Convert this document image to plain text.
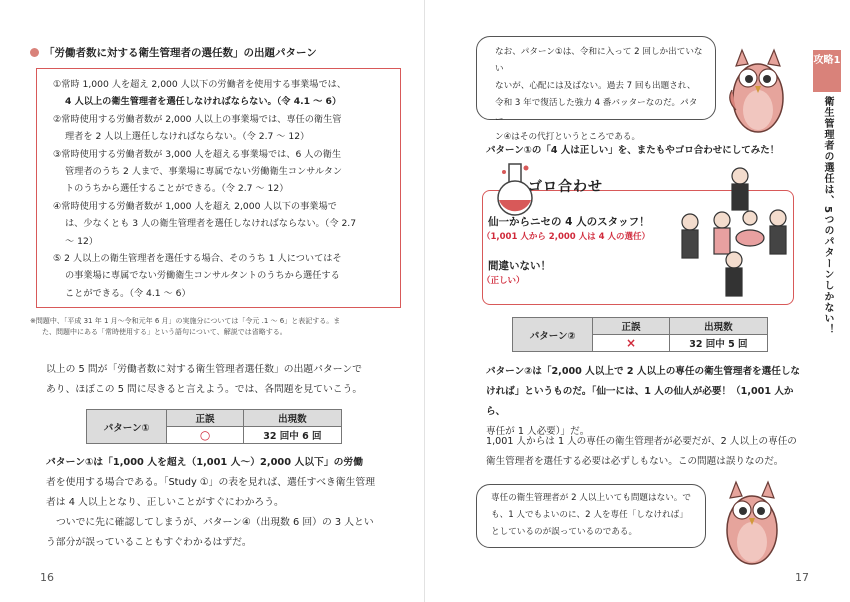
「労働者数に対する衛生管理者の選任数」の出題パターン

①常時 1,000 人を超え 2,000 人以下の労働者を使用する事業場では、

4 人以上の衛生管理者を選任しなければならない。（令 4.1 ～ 6）

②常時使用する労働者数が 2,000 人以上の事業場では、専任の衛生管

理者を 2 人以上選任しなければならない。（令 2.7 ～ 12）

③常時使用する労働者数が 3,000 人を超える事業場では、6 人の衛生

管理者のうち 2 人まで、事業場に専属でない労働衛生コンサルタン

トのうちから選任することができる。（令 2.7 ～ 12）

④常時使用する労働者数が 1,000 人を超え 2,000 人以下の事業場で

は、少なくとも 3 人の衛生管理者を選任しなければならない。（令 2.7

～ 12）

⑤ 2 人以上の衛生管理者を選任する場合、そのうち 1 人についてはそ

の事業場に専属でない労働衛生コンサルタントのうちから選任する

ことができる。（令 4.1 ～ 6）

※問題中、「平成 31 年 1 月～令和元年 6 月」の実施分については「令元 .1 ～ 6」と表記する。ま
た、問題中にある「常時使用する」という語句について、解説では省略する。
以上の 5 問が「労働者数に対する衛生管理者選任数」の出題パターンで
あり、ほぼこの 5 問に尽きると言えよう。では、各問題を見ていこう。
パターン①	正誤	出現数
	○	32 回中 6 回
パターン①は「1,000 人を超え（1,001 人～）2,000 人以下」の労働
者を使用する場合である。「Study ①」の表を見れば、選任すべき衛生管理
者は 4 人以上となり、正しいことがすぐにわかろう。
ついでに先に確認してしまうが、パターン④（出現数 6 回）の 3 人とい
う部分が誤っていることもすぐわかるはずだ。
16
なお、パターン①は、令和に入って 2 回しか出ていない
ないが、心配には及ばない。過去 7 回も出題され、
令和 3 年で復活した強力 4 番バッターなのだ。パター
ン④はその代打というところである。
攻略1
衛生管理者の選任は、5つのパターンしかない！
パターン①の「4 人は正しい」を、またもやゴロ合わせにしてみた！
ゴロ合わせ
仙一からニセの 4 人のスタッフ！
（1,001 人から 2,000 人は 4 人の選任）
間違いない！
（正しい）
パターン②	正誤	出現数
	×	32 回中 5 回
パターン②は「2,000 人以上で 2 人以上の専任の衛生管理者を選任しな
ければ」というものだ。「仙一には、1 人の仙人が必要！（1,001 人から、
専任が 1 人必要）」だ。
1,001 人からは 1 人の専任の衛生管理者が必要だが、2 人以上の専任の
衛生管理者を選任する必要は必ずしもない。この問題は誤りなのだ。
専任の衛生管理者が 2 人以上いても問題はない。で
も、1 人でもよいのに、2 人を専任「しなければ」
としているのが誤っているのである。
17
